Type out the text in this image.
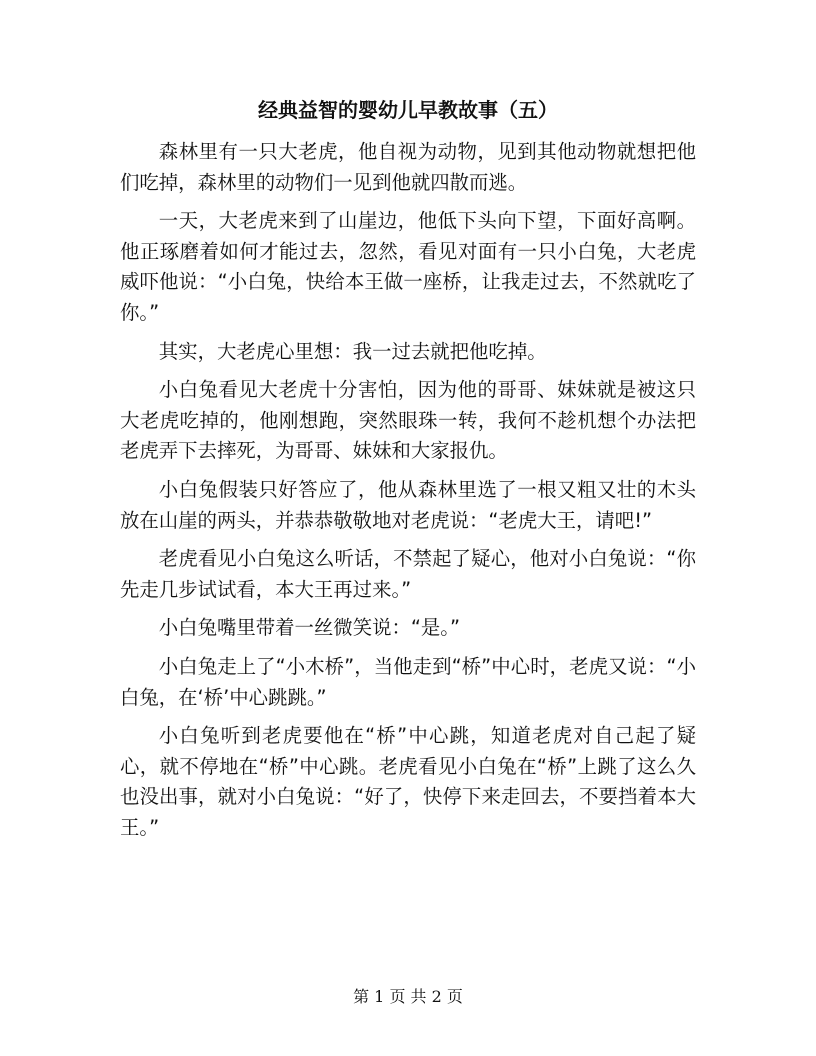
经典益智的婴幼儿早教故事（五）

森林里有一只大老虎，他自视为动物，见到其他动物就想把他们吃掉，森林里的动物们一见到他就四散而逃。

一天，大老虎来到了山崖边，他低下头向下望，下面好高啊。他正琢磨着如何才能过去，忽然，看见对面有一只小白兔，大老虎威吓他说：“小白兔，快给本王做一座桥，让我走过去，不然就吃了你。”

其实，大老虎心里想：我一过去就把他吃掉。

小白兔看见大老虎十分害怕，因为他的哥哥、妹妹就是被这只大老虎吃掉的，他刚想跑，突然眼珠一转，我何不趁机想个办法把老虎弄下去摔死，为哥哥、妹妹和大家报仇。

小白兔假装只好答应了，他从森林里选了一根又粗又壮的木头放在山崖的两头，并恭恭敬敬地对老虎说：“老虎大王，请吧!”

老虎看见小白兔这么听话，不禁起了疑心，他对小白兔说：“你先走几步试试看，本大王再过来。”

小白兔嘴里带着一丝微笑说：“是。”

小白兔走上了“小木桥”，当他走到“桥”中心时，老虎又说：“小白兔，在‘桥’中心跳跳。”

小白兔听到老虎要他在“桥”中心跳，知道老虎对自己起了疑心，就不停地在“桥”中心跳。老虎看见小白兔在“桥”上跳了这么久也没出事，就对小白兔说：“好了，快停下来走回去，不要挡着本大王。”

第 1 页 共 2 页
